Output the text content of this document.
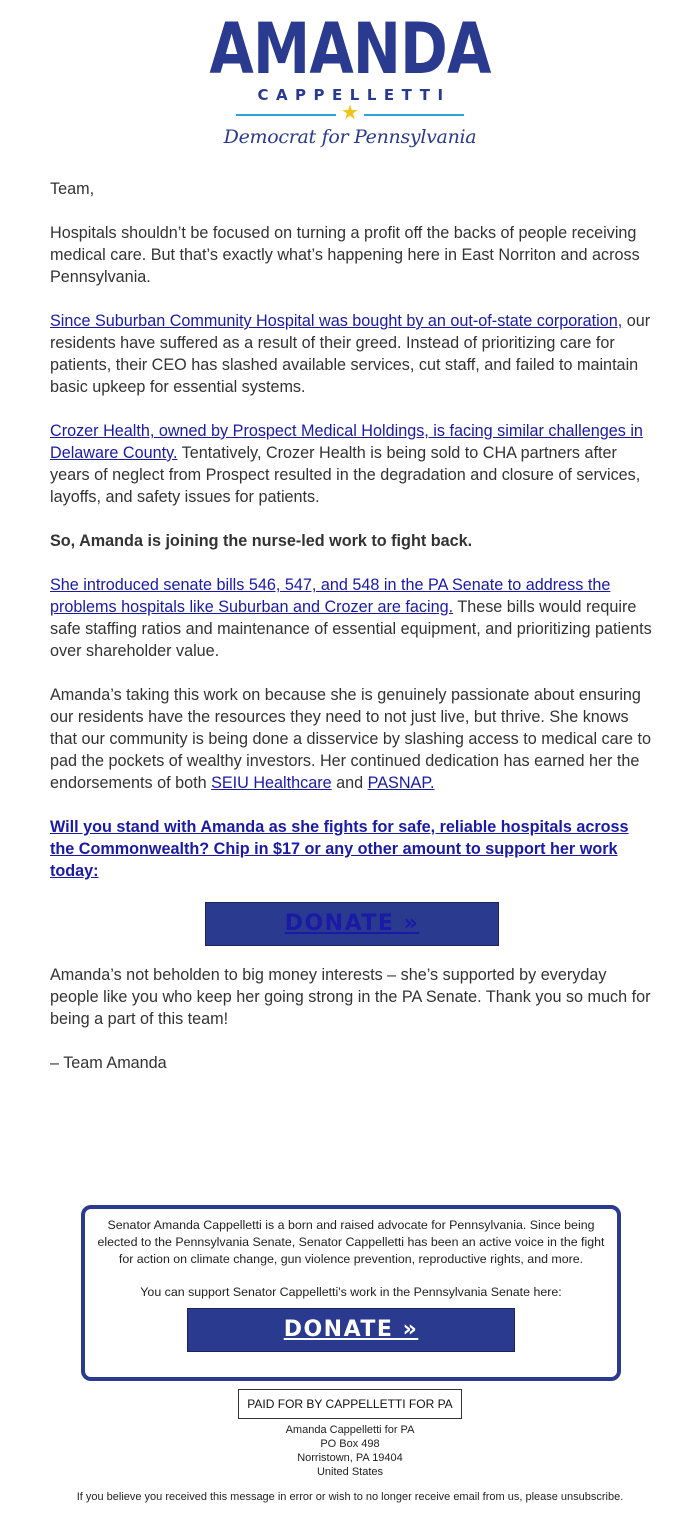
AMANDA
CAPPELLETTI
★
Democrat for Pennsylvania

Team,

Hospitals shouldn’t be focused on turning a profit off the backs of people receiving medical care. But that’s exactly what’s happening here in East Norriton and across Pennsylvania.

Since Suburban Community Hospital was bought by an out-of-state corporation, our residents have suffered as a result of their greed. Instead of prioritizing care for patients, their CEO has slashed available services, cut staff, and failed to maintain basic upkeep for essential systems.

Crozer Health, owned by Prospect Medical Holdings, is facing similar challenges in Delaware County. Tentatively, Crozer Health is being sold to CHA partners after years of neglect from Prospect resulted in the degradation and closure of services, layoffs, and safety issues for patients.

So, Amanda is joining the nurse-led work to fight back.

She introduced senate bills 546, 547, and 548 in the PA Senate to address the problems hospitals like Suburban and Crozer are facing. These bills would require safe staffing ratios and maintenance of essential equipment, and prioritizing patients over shareholder value.

Amanda’s taking this work on because she is genuinely passionate about ensuring our residents have the resources they need to not just live, but thrive. She knows that our community is being done a disservice by slashing access to medical care to pad the pockets of wealthy investors. Her continued dedication has earned her the endorsements of both SEIU Healthcare and PASNAP.

Will you stand with Amanda as she fights for safe, reliable hospitals across the Commonwealth? Chip in $17 or any other amount to support her work today:

DONATE »

Amanda’s not beholden to big money interests – she’s supported by everyday people like you who keep her going strong in the PA Senate. Thank you so much for being a part of this team!

– Team Amanda

Senator Amanda Cappelletti is a born and raised advocate for Pennsylvania. Since being elected to the Pennsylvania Senate, Senator Cappelletti has been an active voice in the fight for action on climate change, gun violence prevention, reproductive rights, and more.

You can support Senator Cappelletti's work in the Pennsylvania Senate here:

DONATE »
PAID FOR BY CAPPELLETTI FOR PA
Amanda Cappelletti for PA
PO Box 498
Norristown, PA 19404
United States
If you believe you received this message in error or wish to no longer receive email from us, please unsubscribe.
